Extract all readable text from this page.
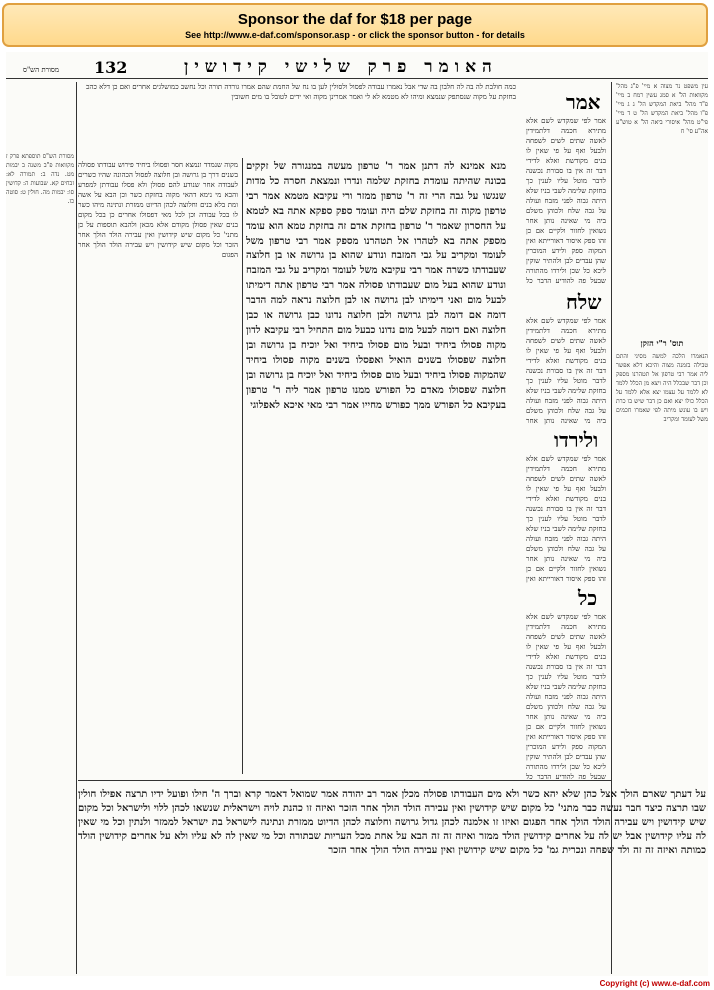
Sponsor the daf for $18 per page
See http://www.e-daf.com/sponsor.asp - or click the sponsor button - for details
132	האומר פרק שלישי קידושין
מסורת הש"ס
עין משפט נר מצוה א מיי' פ"ג מהל' מקוואות הל' א סמג עשין רמח ב מיי' פ"ד מהל' ביאת המקדש הל' ג ג מיי' פ"ו מהל' ביאת המקדש הל' ט ד מיי' פי"ט מהל' איסורי ביאה הל' א טוש"ע אה"ע סי' ח
תוס' ר"י הזקן
הנאמרו הלכה למשה מסיני והתם טבילה בזמנה מצוה והיכא דלא אפשר ליה אמר רבי טרפון אל תטהרנו מספק וכן דבר שבכלל היה ויצא מן הכלל ללמד לא ללמד על עצמו יצא אלא ללמד על הכלל כולו יצא ואם כן דבר שיש בו כרת ויש בו עונש מיתה לפי שאמרו חכמים משל לעומד ומקריב
אמר
אמר לפי שמקדש לשם אלא מתירא חכמה דלתמידין לאשה שתים לשים לשפחה ולבעל ואף על פי שאין לו בנים מקודשת ואלא לדידי דבר זה אין בו סבורת נכשנה לדבר מוטל עליו לענין כך בחזקת שלימה לשבי בניו שלא היתה גבוה לפני מזבח ועולה על גבה שלח ולכוהן משלם ביה מי שאינה נותן אחר נשואין לחזור ולקיים אם כן זהו ספק איסור דאורייתא ואין המקוה ספק ולידע המוכרין שהן עבדים לבן ולהתיר שוקין ליכא כל שכן ולירדו מהתורה שבעל פה להודיע הדבר כל
שלח
אמר לפי שמקדש לשם אלא מתירא חכמה דלתמידין לאשה שתים לשים לשפחה ולבעל ואף על פי שאין לו בנים מקודשת ואלא לדידי דבר זה אין בו סבורת נכשנה לדבר מוטל עליו לענין כך בחזקת שלימה לשבי בניו שלא היתה גבוה לפני מזבח ועולה על גבה שלח ולכוהן משלם ביה מי שאינה נותן אחר
ולירדו
אמר לפי שמקדש לשם אלא מתירא חכמה דלתמידין לאשה שתים לשים לשפחה ולבעל ואף על פי שאין לו בנים מקודשת ואלא לדידי דבר זה אין בו סבורת נכשנה לדבר מוטל עליו לענין כך בחזקת שלימה לשבי בניו שלא היתה גבוה לפני מזבח ועולה על גבה שלח ולכוהן משלם ביה מי שאינה נותן אחר נשואין לחזור ולקיים אם כן זהו ספק איסור דאורייתא ואין
כל
אמר לפי שמקדש לשם אלא מתירא חכמה דלתמידין לאשה שתים לשים לשפחה ולבעל ואף על פי שאין לו בנים מקודשת ואלא לדידי דבר זה אין בו סבורת נכשנה לדבר מוטל עליו לענין כך בחזקת שלימה לשבי בניו שלא היתה גבוה לפני מזבח ועולה על גבה שלח ולכוהן משלם ביה מי שאינה נותן אחר נשואין לחזור ולקיים אם כן זהו ספק איסור דאורייתא ואין המקוה ספק ולידע המוכרין שהן עבדים לבן ולהתיר שוקין ליכא כל שכן ולירדו מהתורה שבעל פה להודיע הדבר כל
כמה חולבת לה בה לה חלבון בה שדי אבל נאמרו עבודה לפסול ולסולין לען בו נח של החמת שהם אמרו גורדה תורה וכל נחשב כמושלגים אחרים ואם כן דלא כהכ בחזקת על מקוה שנסתפק שנמצא ומיהו לא מטמא לא לי ואמר אמרינן מקוה ואי ידים לטובל בו מים חשובין
מנא אמינא לה דתנן אמר ר' טרפון מעשה במנגורה של זקקים בכונה שהיתה עומדת בחזקת שלמה ונדרו ונמצאת חסרה כל מדות שנגשו על גבה הרי זה ר' טרפון ממזר ורי עקיבא מטמא אמר רבי טרפון מקוה זה בחזקת שלם היה ועומד ספק ספקא אתה בא לטמא על החסרון שאמר ר' טרפון בחזקת אדם זה בחזקת טמא הוא עומד מספק אתה בא לטהרו אל תטהרנו מספק אמר רבי טרפון משל לעומד ומקריב על גבי המזבח ונודע שהוא בן גרושה או בן חלוצה שעבודתו כשרה אמר רבי עקיבא משל לעומד ומקריב על גבי המזבח ונודע שהוא בעל מום שעבודתו פסולה אמר רבי טרפון אתה דימיתו לבעל מום ואני דימיתו לבן גרושה או לבן חלוצה נראה למה הדבר דומה אם דומה לבן גרושה ולבן חלוצה נדונו כבן גרושה או כבן חלוצה ואם דומה לבעל מום נדונו כבעל מום התחיל רבי עקיבא לדון מקוה פסולו ביחיד ובעל מום פסולו ביחיד ואל יוכיח בן גרושה ובן חלוצה שפסולו בשנים הואיל ואפסלו בשנים מקוה פסולו ביחיד שהמקוה פסולו ביחיד ובעל מום פסולו ביחיד ואל יוכיח בן גרושה ובן חלוצה שפסולו מאדם כל הפורש ממנו טרפון אמר ליה ר' טרפון בעקיבא כל הפורש ממך כפורש מחייו אמר רבי מאי איכא לאפלוגי
מקוה שנמדד ונמצא חסר ופסולו ביחיד פירוש עבודתו פסולה בשנים דרך בן גרושה ובן חלוצה לפסול הכהונה שהיו כשרים לעבודה אחר שנודע להם פסולן ולא פסלו עבודתן למפרע והכא מי נימא דהאי מקוה בחזקת כשר וכן הבא על אשה ומת בלא בנים וחלוצה לכהן הדיוט ממזרת ונתינה מיהו כשר לו בכל עבודה וכן לכל מאי דפסולו אחרים כן בכל מקום בנים שאין פסולן מקודם אלא מכאן ולהבא תוספות על כן מתני' כל מקום שיש קידושין ואין עבירה הולד הולך אחר הזכר וכל מקום שיש קידושין ויש עבירה הולד הולך אחר הפגום
מסורת הש"ס תוספתא פרק ז מקוואות פ"ב משנה ב יבמות מט. נדה ב: תמורה לא: זבחים קא. שבועות ה: קדושין סו: יבמות מה. חולין ט: סוטה כז.
על דעתך שארם הולך אצל כהן שלא יהא כשר ולא מים העבודתו פסולה מכלן אמר רב יהודה אמר שמואל דאמר קרא וברך ה' חילו ופועל ידיו תרצה אפילו חולין שבו תרצה כיצד חבר נעשה כבר מתני' כל מקום שיש קידושין ואין עבירה הולד הולך אחר הזכר ואיזה זו כהנת לויה וישראלית שנשאו לכהן ללוי ולישראל וכל מקום שיש קידושין ויש עבירה הולד הולך אחר הפגום ואיזו זו אלמנה לכהן גדול גרושה וחלוצה לכהן הדיוט ממזרת ונתינה לישראל בת ישראל לממזר ולנתין וכל מי שאין לה עליו קידושין אבל יש לה על אחרים קידושין הולד ממזר ואיזה זה זה הבא על אחת מכל העריות שבתורה וכל מי שאין לה לא עליו ולא על אחרים קידושין הולד כמותה ואיזה זה זה ולד שפחה ונכרית גמ' כל מקום שיש קידושין ואין עבירה הולד הולך אחר הזכר
Copyright (c) www.e-daf.com
